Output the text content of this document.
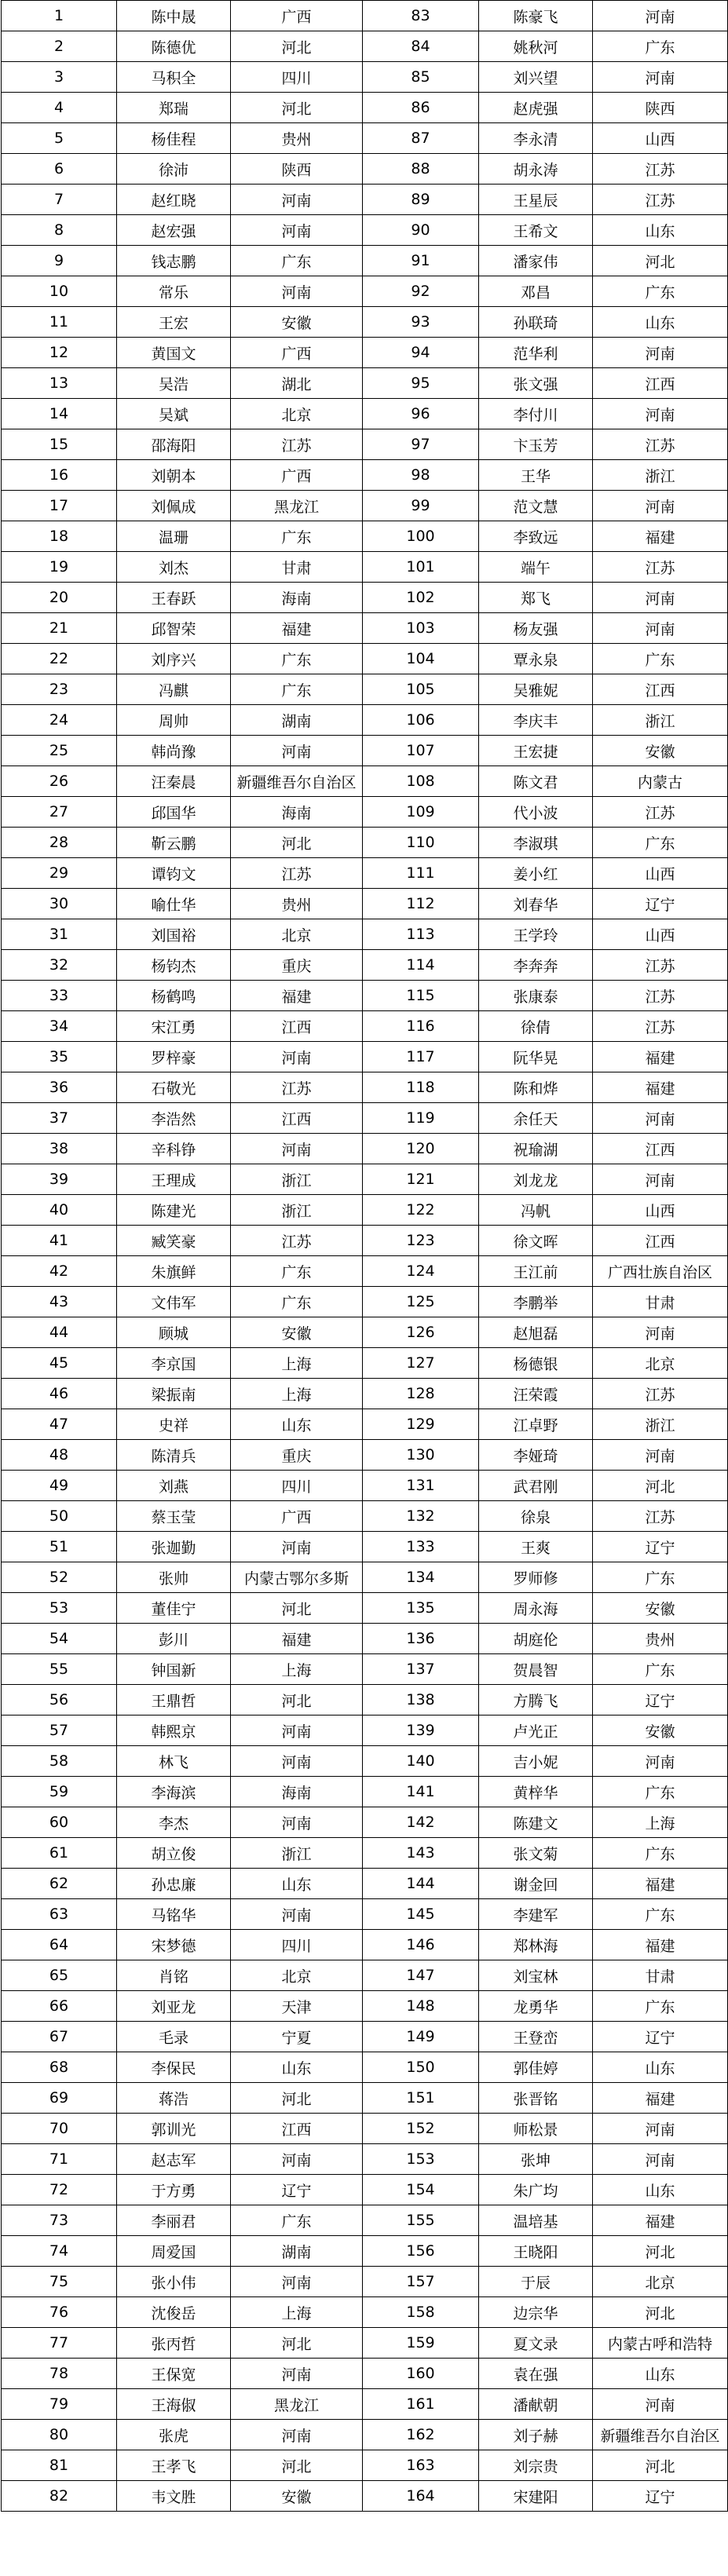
1	陈中晟	广西	83	陈豪飞	河南
2	陈德优	河北	84	姚秋河	广东
3	马积全	四川	85	刘兴望	河南
4	郑瑞	河北	86	赵虎强	陕西
5	杨佳程	贵州	87	李永清	山西
6	徐沛	陕西	88	胡永涛	江苏
7	赵红晓	河南	89	王星辰	江苏
8	赵宏强	河南	90	王希文	山东
9	钱志鹏	广东	91	潘家伟	河北
10	常乐	河南	92	邓昌	广东
11	王宏	安徽	93	孙联琦	山东
12	黄国文	广西	94	范华利	河南
13	吴浩	湖北	95	张文强	江西
14	吴斌	北京	96	李付川	河南
15	邵海阳	江苏	97	卞玉芳	江苏
16	刘朝本	广西	98	王华	浙江
17	刘佩成	黑龙江	99	范文慧	河南
18	温珊	广东	100	李致远	福建
19	刘杰	甘肃	101	端午	江苏
20	王春跃	海南	102	郑飞	河南
21	邱智荣	福建	103	杨友强	河南
22	刘序兴	广东	104	覃永泉	广东
23	冯麒	广东	105	吴雅妮	江西
24	周帅	湖南	106	李庆丰	浙江
25	韩尚豫	河南	107	王宏捷	安徽
26	汪秦晨	新疆维吾尔自治区	108	陈文君	内蒙古
27	邱国华	海南	109	代小波	江苏
28	靳云鹏	河北	110	李淑琪	广东
29	谭钧文	江苏	111	姜小红	山西
30	喻仕华	贵州	112	刘春华	辽宁
31	刘国裕	北京	113	王学玲	山西
32	杨钧杰	重庆	114	李奔奔	江苏
33	杨鹤鸣	福建	115	张康泰	江苏
34	宋江勇	江西	116	徐倩	江苏
35	罗梓豪	河南	117	阮华晃	福建
36	石敬光	江苏	118	陈和烨	福建
37	李浩然	江西	119	余任天	河南
38	辛科铮	河南	120	祝瑜湖	江西
39	王理成	浙江	121	刘龙龙	河南
40	陈建光	浙江	122	冯帆	山西
41	臧笑豪	江苏	123	徐文晖	江西
42	朱旗鲜	广东	124	王江前	广西壮族自治区
43	文伟军	广东	125	李鹏举	甘肃
44	顾城	安徽	126	赵旭磊	河南
45	李京国	上海	127	杨德银	北京
46	梁振南	上海	128	汪荣霞	江苏
47	史祥	山东	129	江卓野	浙江
48	陈清兵	重庆	130	李娅琦	河南
49	刘燕	四川	131	武君刚	河北
50	蔡玉莹	广西	132	徐泉	江苏
51	张迦勤	河南	133	王爽	辽宁
52	张帅	内蒙古鄂尔多斯	134	罗师修	广东
53	董佳宁	河北	135	周永海	安徽
54	彭川	福建	136	胡庭伦	贵州
55	钟国新	上海	137	贺晨智	广东
56	王鼎哲	河北	138	方腾飞	辽宁
57	韩熙京	河南	139	卢光正	安徽
58	林飞	河南	140	吉小妮	河南
59	李海滨	海南	141	黄梓华	广东
60	李杰	河南	142	陈建文	上海
61	胡立俊	浙江	143	张文菊	广东
62	孙忠廉	山东	144	谢金回	福建
63	马铭华	河南	145	李建军	广东
64	宋梦德	四川	146	郑林海	福建
65	肖铭	北京	147	刘宝林	甘肃
66	刘亚龙	天津	148	龙勇华	广东
67	毛录	宁夏	149	王登峦	辽宁
68	李保民	山东	150	郭佳婷	山东
69	蒋浩	河北	151	张晋铭	福建
70	郭训光	江西	152	师松景	河南
71	赵志军	河南	153	张坤	河南
72	于方勇	辽宁	154	朱广均	山东
73	李丽君	广东	155	温培基	福建
74	周爱国	湖南	156	王晓阳	河北
75	张小伟	河南	157	于辰	北京
76	沈俊岳	上海	158	边宗华	河北
77	张丙哲	河北	159	夏文录	内蒙古呼和浩特
78	王保宽	河南	160	袁在强	山东
79	王海俶	黑龙江	161	潘献朝	河南
80	张虎	河南	162	刘子赫	新疆维吾尔自治区
81	王孝飞	河北	163	刘宗贵	河北
82	韦文胜	安徽	164	宋建阳	辽宁
